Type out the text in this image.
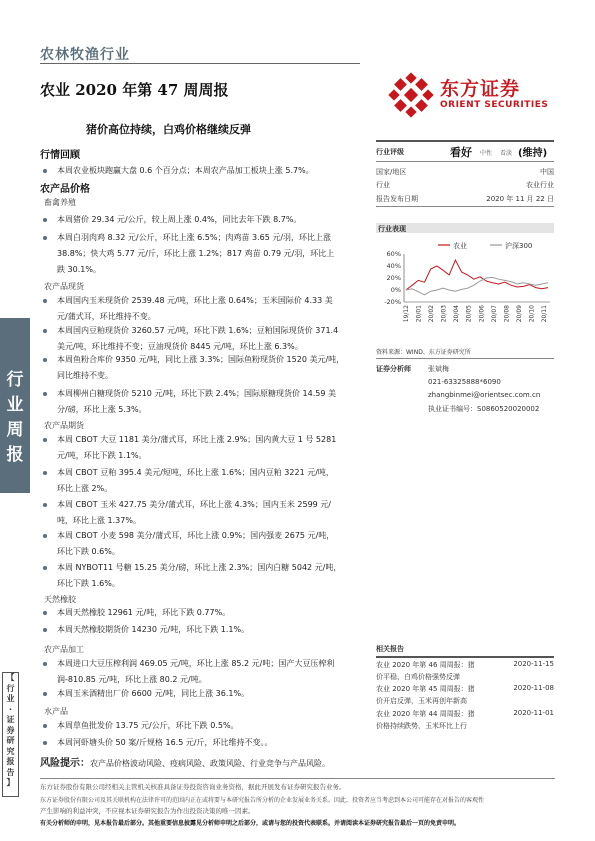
农林牧渔行业
农业 2020 年第 47 周周报
猪价高位持续，白鸡价格继续反弹
东方证券
ORIENT SECURITIES
行
业
周
报
【
行
业
·
证
券
研
究
报
告
】
行情回顾
本周农业板块跑赢大盘 0.6 个百分点；本周农产品加工板块上涨 5.7%。
农产品价格
畜禽养殖
本周猪价 29.34 元/公斤，较上周上涨 0.4%，同比去年下跌 8.7%。
本周白羽肉鸡 8.32 元/公斤，环比上涨 6.5%；肉鸡苗 3.65 元/羽，环比上涨
38.8%；快大鸡 5.77 元/斤，环比上涨 1.2%；817 鸡苗 0.79 元/羽，环比上
跌 30.1%。
农产品现货
本周国内玉米现货价 2539.48 元/吨，环比上涨 0.64%；玉米国际价 4.33 美
元/蒲式耳，环比维持不变。
本周国内豆粕现货价 3260.57 元/吨，环比下跌 1.6%；豆粕国际现货价 371.4
美元/吨，环比维持不变；豆油现货价 8445 元/吨，环比上涨 6.3%。
本周鱼粉合库价 9350 元/吨，同比上涨 3.3%；国际鱼粉现货价 1520 美元/吨，
同比维持不变。
本周柳州白糖现货价 5210 元/吨，环比下跌 2.4%；国际原糖现货价 14.59 美
分/磅，环比上涨 5.3%。
农产品期货
本周 CBOT 大豆 1181 美分/蒲式耳，环比上涨 2.9%；国内黄大豆 1 号 5281
元/吨，环比下跌 1.1%。
本周 CBOT 豆粕 395.4 美元/短吨，环比上涨 1.6%；国内豆粕 3221 元/吨，
环比上涨 2%。
本周 CBOT 玉米 427.75 美分/蒲式耳，环比上涨 4.3%；国内玉米 2599 元/
吨，环比上涨 1.37%。
本周 CBOT 小麦 598 美分/蒲式耳，环比上涨 0.9%；国内强麦 2675 元/吨，
环比下跌 0.6%。
本周 NYBOT11 号糖 15.25 美分/磅，环比上涨 2.3%；国内白糖 5042 元/吨，
环比下跌 1.6%。
天然橡胶
本周天然橡胶 12961 元/吨，环比下跌 0.77%。
本周天然橡胶期货价 14230 元/吨，环比下跌 1.1%。
农产品加工
本周进口大豆压榨利润 469.05 元/吨，环比上涨 85.2 元/吨；国产大豆压榨利
润-810.85 元/吨，环比上涨 80.2 元/吨。
本周玉米酒精出厂价 6600 元/吨，同比上涨 36.1%。
水产品
本周草鱼批发价 13.75 元/公斤，环比下跌 0.5%。
本周河虾塘头价 50 案/斤规格 16.5 元/斤，环比维持不变。。
风险提示：农产品价格波动风险、疫病风险、政策风险、行业竞争与产品风险。
行业评级	看好 中性 看淡 (维持)
国家/地区	中国
行业	农业行业
报告发布日期	2020 年 11 月 22 日
行业表现
农业	沪深300
60%
40%
20%
0%
-20%
19/12 20/01 20/02 20/03 20/04 20/05 20/06 20/07 20/08 20/09 20/10 20/11
资料来源：WIND、东方证券研究所
证券分析师 张斌梅
021-63325888*6090
zhangbinmei@orientsec.com.cn
执业证书编号：S0860520020002
相关报告
农业 2020 年第 46 周周报：猪
价平稳，白鸡价格强势反弹
2020-11-15
农业 2020 年第 45 周周报：猪
价开启反弹，玉米再创年新高
2020-11-08
农业 2020 年第 44 周周报：猪
价格持续跌势，玉米环比上行
2020-11-01
东方证券股份有限公司经相关主管机关核准具备证券投资咨询业务资格，据此开展发布证券研究报告业务。
东方证券股份有限公司及其关联机构在法律许可的范围内正在或将要与本研究报告所分析的企业发展业务关系。因此，投资者应当考虑到本公司可能存在对报告的客观性
产生影响的利益冲突，不应视本证券研究报告为作出投资决策的唯一因素。
有关分析师的申明，见本报告最后部分。其他重要信息披露见分析师申明之后部分，或请与您的投资代表联系。并请阅读本证券研究报告最后一页的免责申明。
